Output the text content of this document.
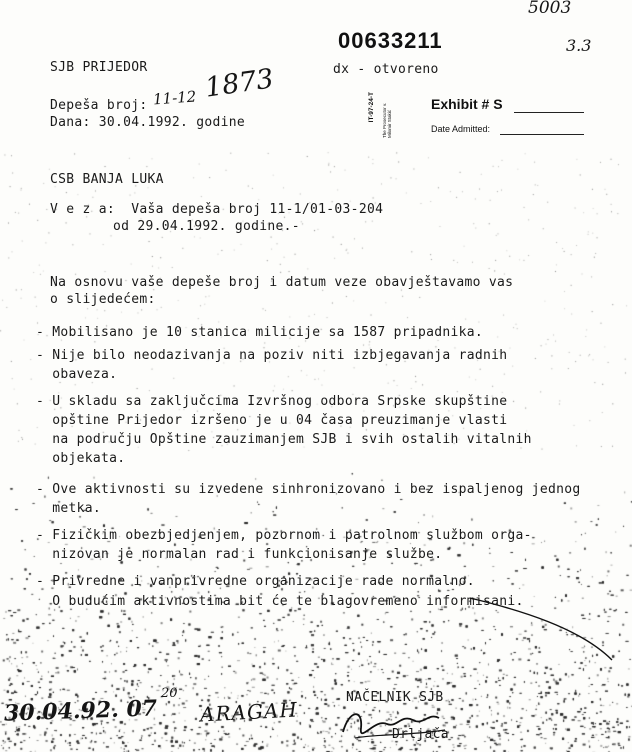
5003
3.3
SJB PRIJEDOR
00633211
dx - otvoreno
Depeša broj: 11-12 1873
Dana: 30.04.1992. godine
IT-97-24-T The Prosecutor v. Milomir Stakić
Exhibit # S
Date Admitted:
CSB BANJA LUKA
V e z a:  Vaša depeša broj 11-1/01-03-204
od 29.04.1992. godine.-
Na osnovu vaše depeše broj i datum veze obavještavamo vas
o slijedećem:
- Mobilisano je 10 stanica milicije sa 1587 pripadnika.
- Nije bilo neodazivanja na poziv niti izbjegavanja radnih
obaveza.
- U skladu sa zaključcima Izvršnog odbora Srpske skupštine
opštine Prijedor izršeno je u 04 časa preuzimanje vlasti
na području Opštine zauzimanjem SJB i svih ostalih vitalnih
objekata.
- Ove aktivnosti su izvedene sinhronizovano i bez ispaljenog jednog
metka.
- Fizičkim obezbjedjenjem, pozornom i patrolnom službom orga-
nizovan je normalan rad i funkcionisanje službe.
- Privredne i vanprivredne organizacije rade normalno.
O budućim aktivnostima bit će te blagovremeno informisani.
30.04.92. 07
20
ARAGAH	NAČELNIK SJB
Drljača
